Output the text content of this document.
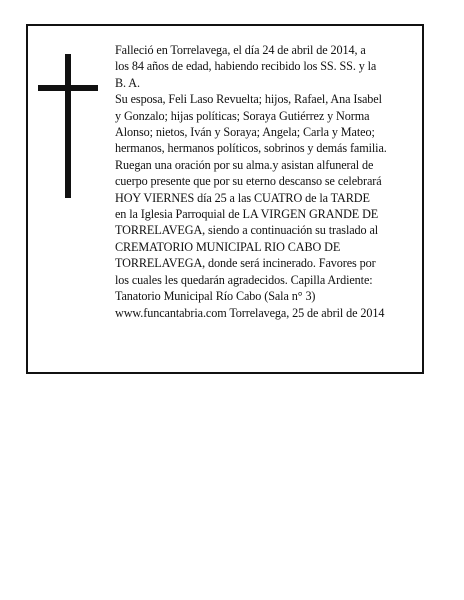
Falleció en Torrelavega, el día 24 de abril de 2014, a
los 84 años de edad, habiendo recibido los SS. SS. y la
B. A.
Su esposa, Feli Laso Revuelta; hijos, Rafael, Ana Isabel
y Gonzalo; hijas políticas; Soraya Gutiérrez y Norma
Alonso; nietos, Iván y Soraya; Angela; Carla y Mateo;
hermanos, hermanos políticos, sobrinos y demás familia.
Ruegan una oración por su alma.y asistan alfuneral de
cuerpo presente que por su eterno descanso se celebrará
HOY VIERNES día 25 a las CUATRO de la TARDE
en la Iglesia Parroquial de LA VIRGEN GRANDE DE
TORRELAVEGA, siendo a continuación su traslado al
CREMATORIO MUNICIPAL RIO CABO DE
TORRELAVEGA, donde será incinerado. Favores por
los cuales les quedarán agradecidos. Capilla Ardiente:
Tanatorio Municipal Río Cabo (Sala n° 3)
www.funcantabria.com Torrelavega, 25 de abril de 2014
